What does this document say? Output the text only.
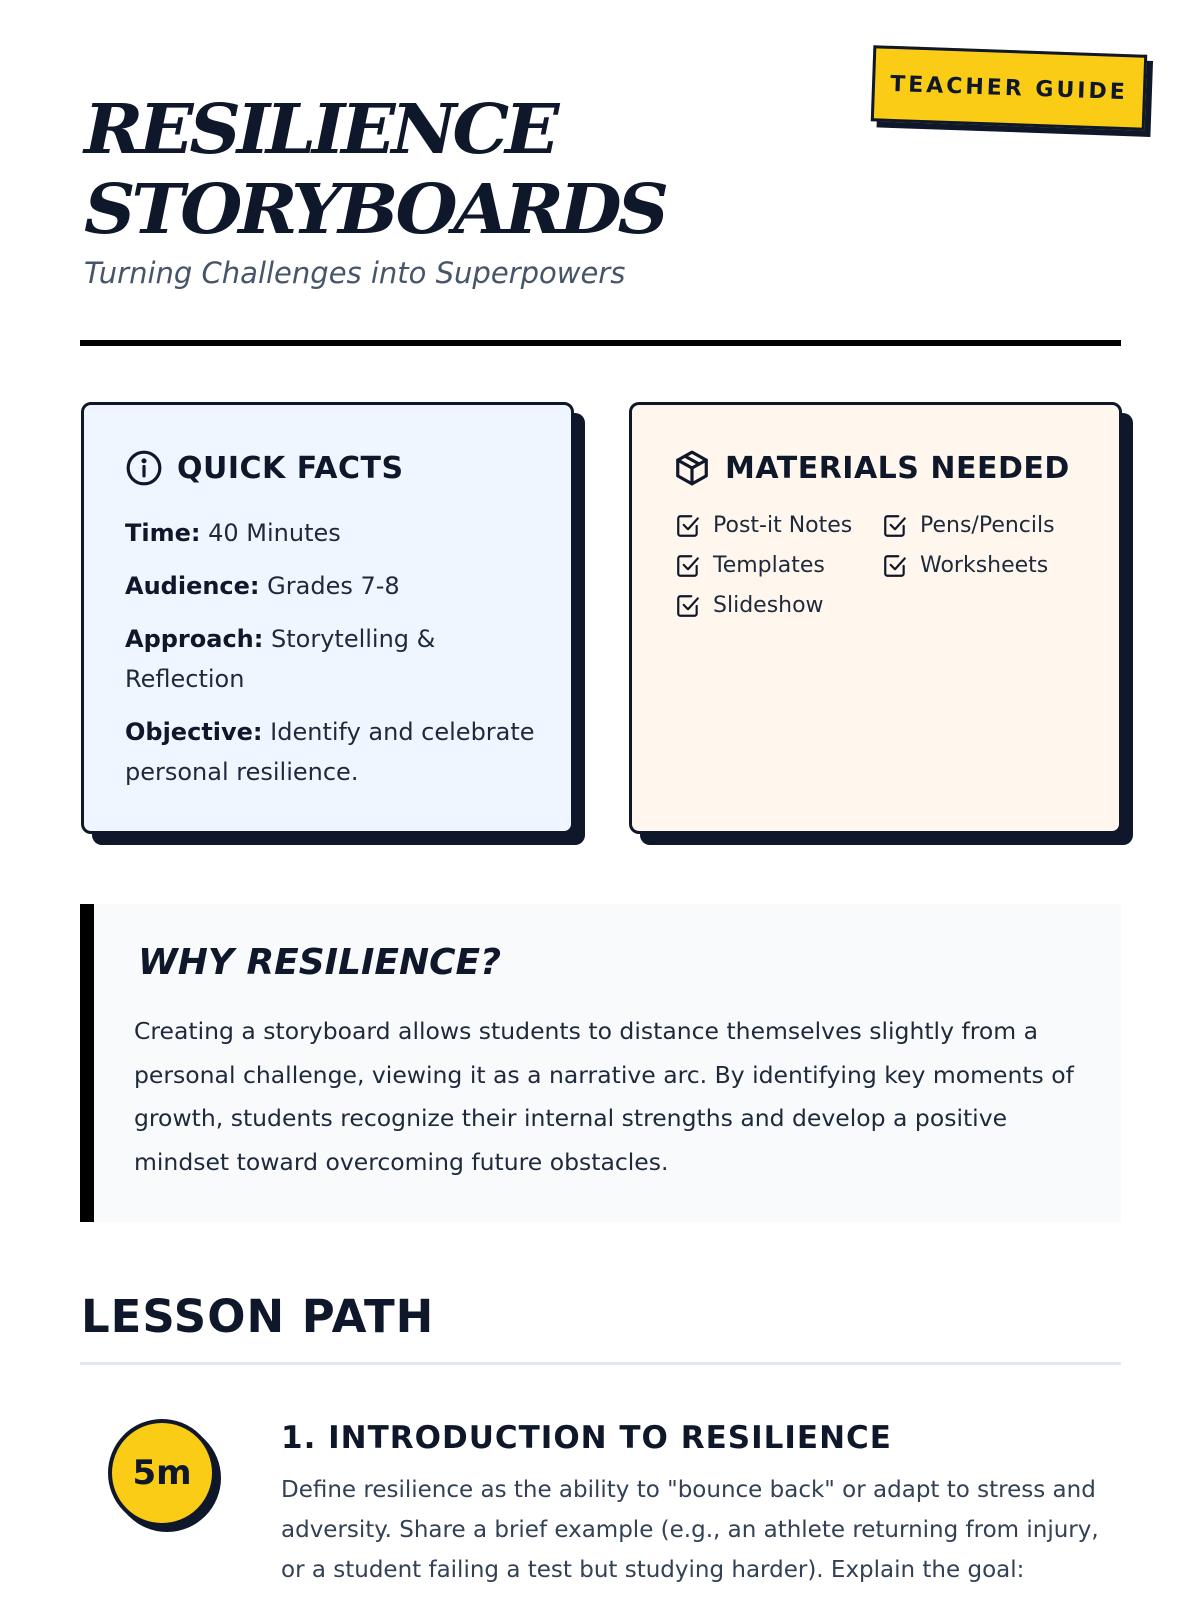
RESILIENCE
STORYBOARDS
Turning Challenges into Superpowers
TEACHER GUIDE
QUICK FACTS
Time: 40 Minutes
Audience: Grades 7-8
Approach: Storytelling & Reflection
Objective: Identify and celebrate personal resilience.
MATERIALS NEEDED
Post-it Notes	Pens/Pencils
Templates	Worksheets
Slideshow
WHY RESILIENCE?

Creating a storyboard allows students to distance themselves slightly from a personal challenge, viewing it as a narrative arc. By identifying key moments of growth, students recognize their internal strengths and develop a positive mindset toward overcoming future obstacles.

LESSON PATH
5m
1. INTRODUCTION TO RESILIENCE

Define resilience as the ability to "bounce back" or adapt to stress and adversity. Share a brief example (e.g., an athlete returning from injury, or a student failing a test but studying harder). Explain the goal:
